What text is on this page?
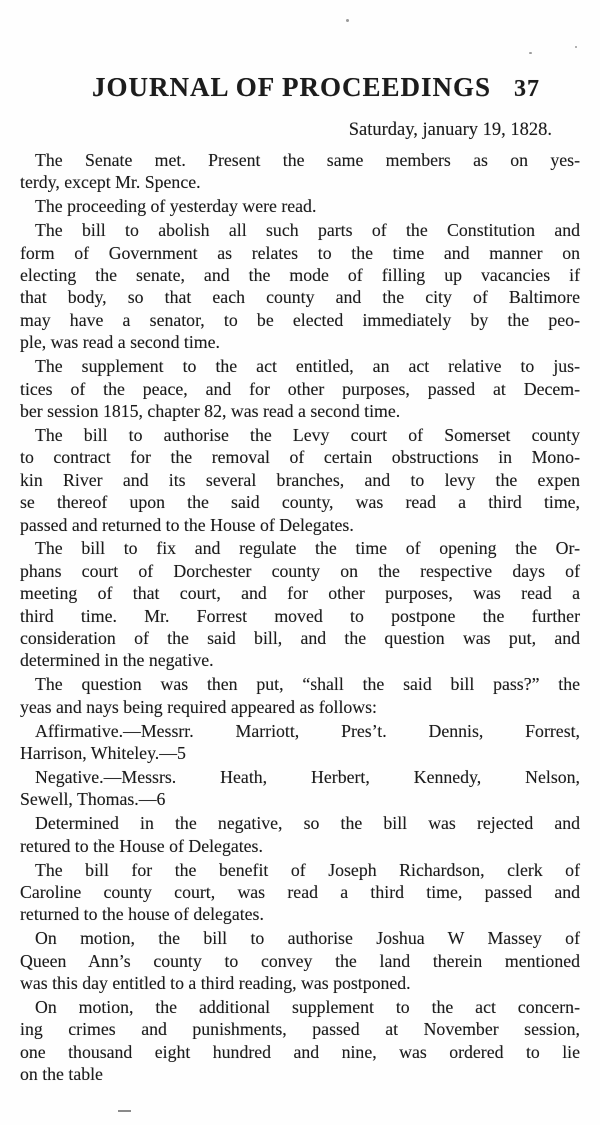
JOURNAL OF PROCEEDINGS 37
Saturday, january 19, 1828.

The Senate met. Present the same members as on yes-
terdy, except Mr. Spence.

The proceeding of yesterday were read.

The bill to abolish all such parts of the Constitution and
form of Government as relates to the time and manner on
electing the senate, and the mode of filling up vacancies if
that body, so that each county and the city of Baltimore
may have a senator, to be elected immediately by the peo-
ple, was read a second time.

The supplement to the act entitled, an act relative to jus-
tices of the peace, and for other purposes, passed at Decem-
ber session 1815, chapter 82, was read a second time.

The bill to authorise the Levy court of Somerset county
to contract for the removal of certain obstructions in Mono-
kin River and its several branches, and to levy the expen
se thereof upon the said county, was read a third time,
passed and returned to the House of Delegates.

The bill to fix and regulate the time of opening the Or-
phans court of Dorchester county on the respective days of
meeting of that court, and for other purposes, was read a
third time. Mr. Forrest moved to postpone the further
consideration of the said bill, and the question was put, and
determined in the negative.

The question was then put, “shall the said bill pass?” the
yeas and nays being required appeared as follows:

Affirmative.—Messrr. Marriott, Pres’t. Dennis, Forrest,
Harrison, Whiteley.—5

Negative.—Messrs. Heath, Herbert, Kennedy, Nelson,
Sewell, Thomas.—6

Determined in the negative, so the bill was rejected and
retured to the House of Delegates.

The bill for the benefit of Joseph Richardson, clerk of
Caroline county court, was read a third time, passed and
returned to the house of delegates.

On motion, the bill to authorise Joshua W Massey of
Queen Ann’s county to convey the land therein mentioned
was this day entitled to a third reading, was postponed.

On motion, the additional supplement to the act concern-
ing crimes and punishments, passed at November session,
one thousand eight hundred and nine, was ordered to lie
on the table
